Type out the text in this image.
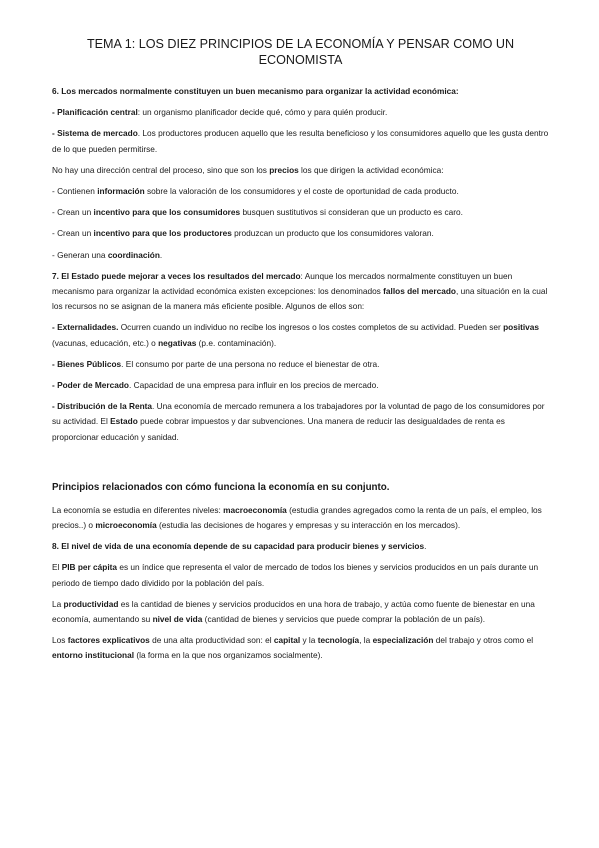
TEMA 1: LOS DIEZ PRINCIPIOS DE LA ECONOMÍA Y PENSAR COMO UN ECONOMISTA

6. Los mercados normalmente constituyen un buen mecanismo para organizar la actividad económica:

- Planificación central: un organismo planificador decide qué, cómo y para quién producir.

- Sistema de mercado. Los productores producen aquello que les resulta beneficioso y los consumidores aquello que les gusta dentro de lo que pueden permitirse.

No hay una dirección central del proceso, sino que son los precios los que dirigen la actividad económica:

- Contienen información sobre la valoración de los consumidores y el coste de oportunidad de cada producto.

- Crean un incentivo para que los consumidores busquen sustitutivos si consideran que un producto es caro.

- Crean un incentivo para que los productores produzcan un producto que los consumidores valoran.

- Generan una coordinación.

7. El Estado puede mejorar a veces los resultados del mercado: Aunque los mercados normalmente constituyen un buen mecanismo para organizar la actividad económica existen excepciones: los denominados fallos del mercado, una situación en la cual los recursos no se asignan de la manera más eficiente posible. Algunos de ellos son:

- Externalidades. Ocurren cuando un individuo no recibe los ingresos o los costes completos de su actividad. Pueden ser positivas (vacunas, educación, etc.) o negativas (p.e. contaminación).

- Bienes Públicos. El consumo por parte de una persona no reduce el bienestar de otra.

- Poder de Mercado. Capacidad de una empresa para influir en los precios de mercado.

- Distribución de la Renta. Una economía de mercado remunera a los trabajadores por la voluntad de pago de los consumidores por su actividad. El Estado puede cobrar impuestos y dar subvenciones. Una manera de reducir las desigualdades de renta es proporcionar educación y sanidad.

Principios relacionados con cómo funciona la economía en su conjunto.

La economía se estudia en diferentes niveles: macroeconomía (estudia grandes agregados como la renta de un país, el empleo, los precios..) o microeconomía (estudia las decisiones de hogares y empresas y su interacción en los mercados).

8. El nivel de vida de una economía depende de su capacidad para producir bienes y servicios.

El PIB per cápita es un índice que representa el valor de mercado de todos los bienes y servicios producidos en un país durante un periodo de tiempo dado dividido por la población del país.

La productividad es la cantidad de bienes y servicios producidos en una hora de trabajo, y actúa como fuente de bienestar en una economía, aumentando su nivel de vida (cantidad de bienes y servicios que puede comprar la población de un país).

Los factores explicativos de una alta productividad son: el capital y la tecnología, la especialización del trabajo y otros como el entorno institucional (la forma en la que nos organizamos socialmente).
